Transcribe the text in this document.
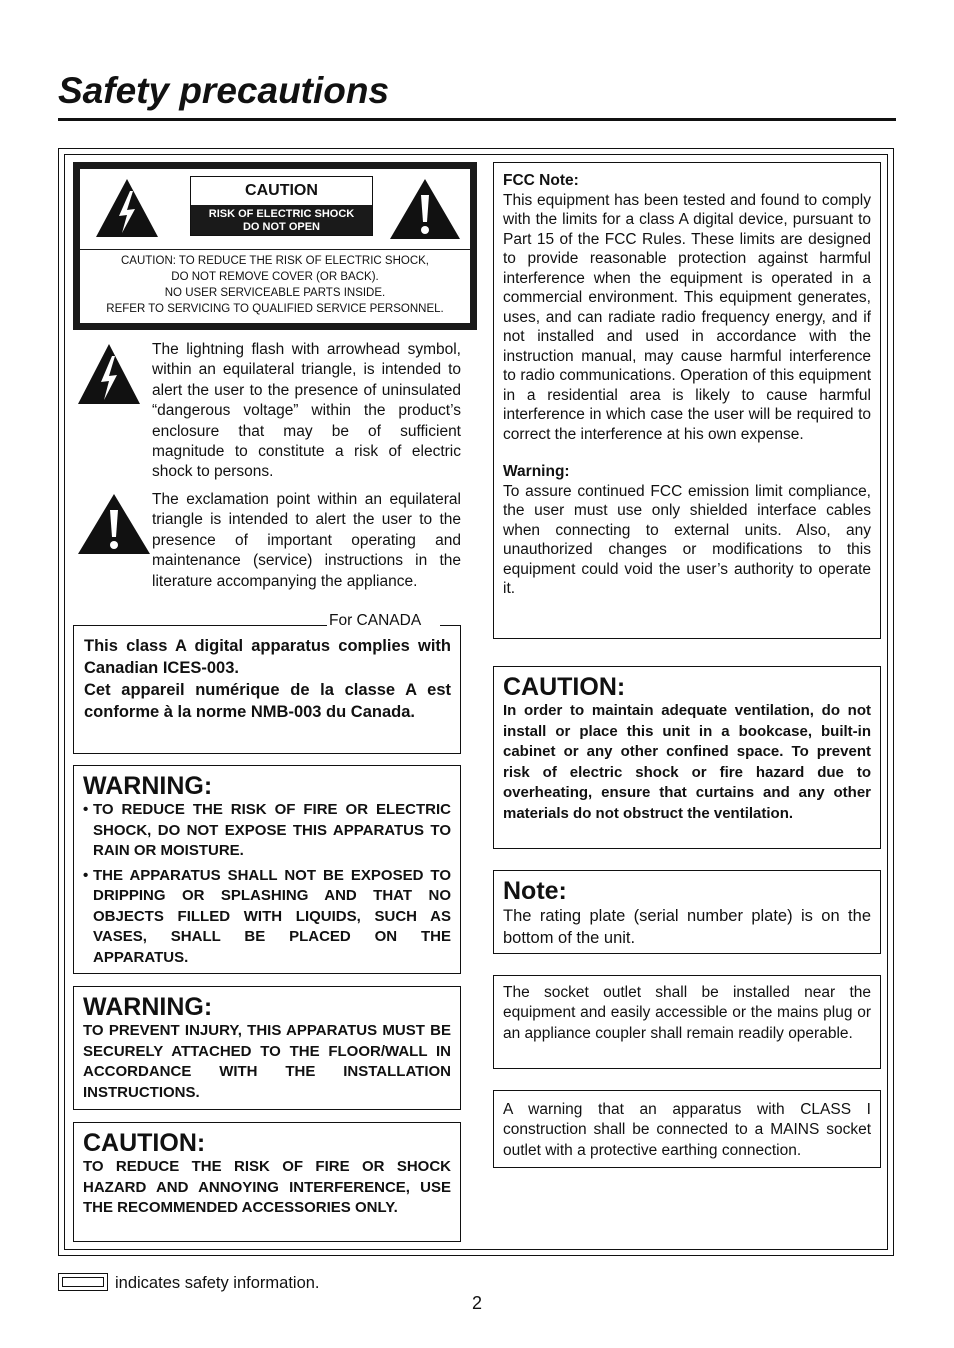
Safety precautions
CAUTION
RISK OF ELECTRIC SHOCK
DO NOT OPEN
CAUTION: TO REDUCE THE RISK OF ELECTRIC SHOCK,
DO NOT REMOVE COVER (OR BACK).
NO USER SERVICEABLE PARTS INSIDE.
REFER TO SERVICING TO QUALIFIED SERVICE PERSONNEL.
The lightning flash with arrowhead symbol, within an equilateral triangle, is intended to alert the user to the presence of uninsulated “dangerous voltage” within the product’s enclosure that may be of sufficient magnitude to constitute a risk of electric shock to persons.
The exclamation point within an equilateral triangle is intended to alert the user to the presence of important operating and maintenance (service) instructions in the literature accompanying the appliance.
For CANADA
This class A digital apparatus complies with Canadian ICES-003.
Cet appareil numérique de la classe A est conforme à la norme NMB-003 du Canada.
WARNING:
• TO REDUCE THE RISK OF FIRE OR ELECTRIC SHOCK, DO NOT EXPOSE THIS APPARATUS TO RAIN OR MOISTURE.
• THE APPARATUS SHALL NOT BE EXPOSED TO DRIPPING OR SPLASHING AND THAT NO OBJECTS FILLED WITH LIQUIDS, SUCH AS VASES, SHALL BE PLACED ON THE APPARATUS.
WARNING:
TO PREVENT INJURY, THIS APPARATUS MUST BE SECURELY ATTACHED TO THE FLOOR/WALL IN ACCORDANCE WITH THE INSTALLATION INSTRUCTIONS.
CAUTION:
TO REDUCE THE RISK OF FIRE OR SHOCK HAZARD AND ANNOYING INTERFERENCE, USE THE RECOMMENDED ACCESSORIES ONLY.
FCC Note:
This equipment has been tested and found to comply with the limits for a class A digital device, pursuant to Part 15 of the FCC Rules. These limits are designed to provide reasonable protection against harmful interference when the equipment is operated in a commercial environment. This equipment generates, uses, and can radiate radio frequency energy, and if not installed and used in accordance with the instruction manual, may cause harmful interference to radio communications. Operation of this equipment in a residential area is likely to cause harmful interference in which case the user will be required to correct the interference at his own expense.
Warning:
To assure continued FCC emission limit compliance, the user must use only shielded interface cables when connecting to external units. Also, any unauthorized changes or modifications to this equipment could void the user’s authority to operate it.
CAUTION:
In order to maintain adequate ventilation, do not install or place this unit in a bookcase, built-in cabinet or any other confined space. To prevent risk of electric shock or fire hazard due to overheating, ensure that curtains and any other materials do not obstruct the ventilation.
Note:
The rating plate (serial number plate) is on the bottom of the unit.
The socket outlet shall be installed near the equipment and easily accessible or the mains plug or an appliance coupler shall remain readily operable.
A warning that an apparatus with CLASS I construction shall be connected to a MAINS socket outlet with a protective earthing connection.
indicates safety information.
2
